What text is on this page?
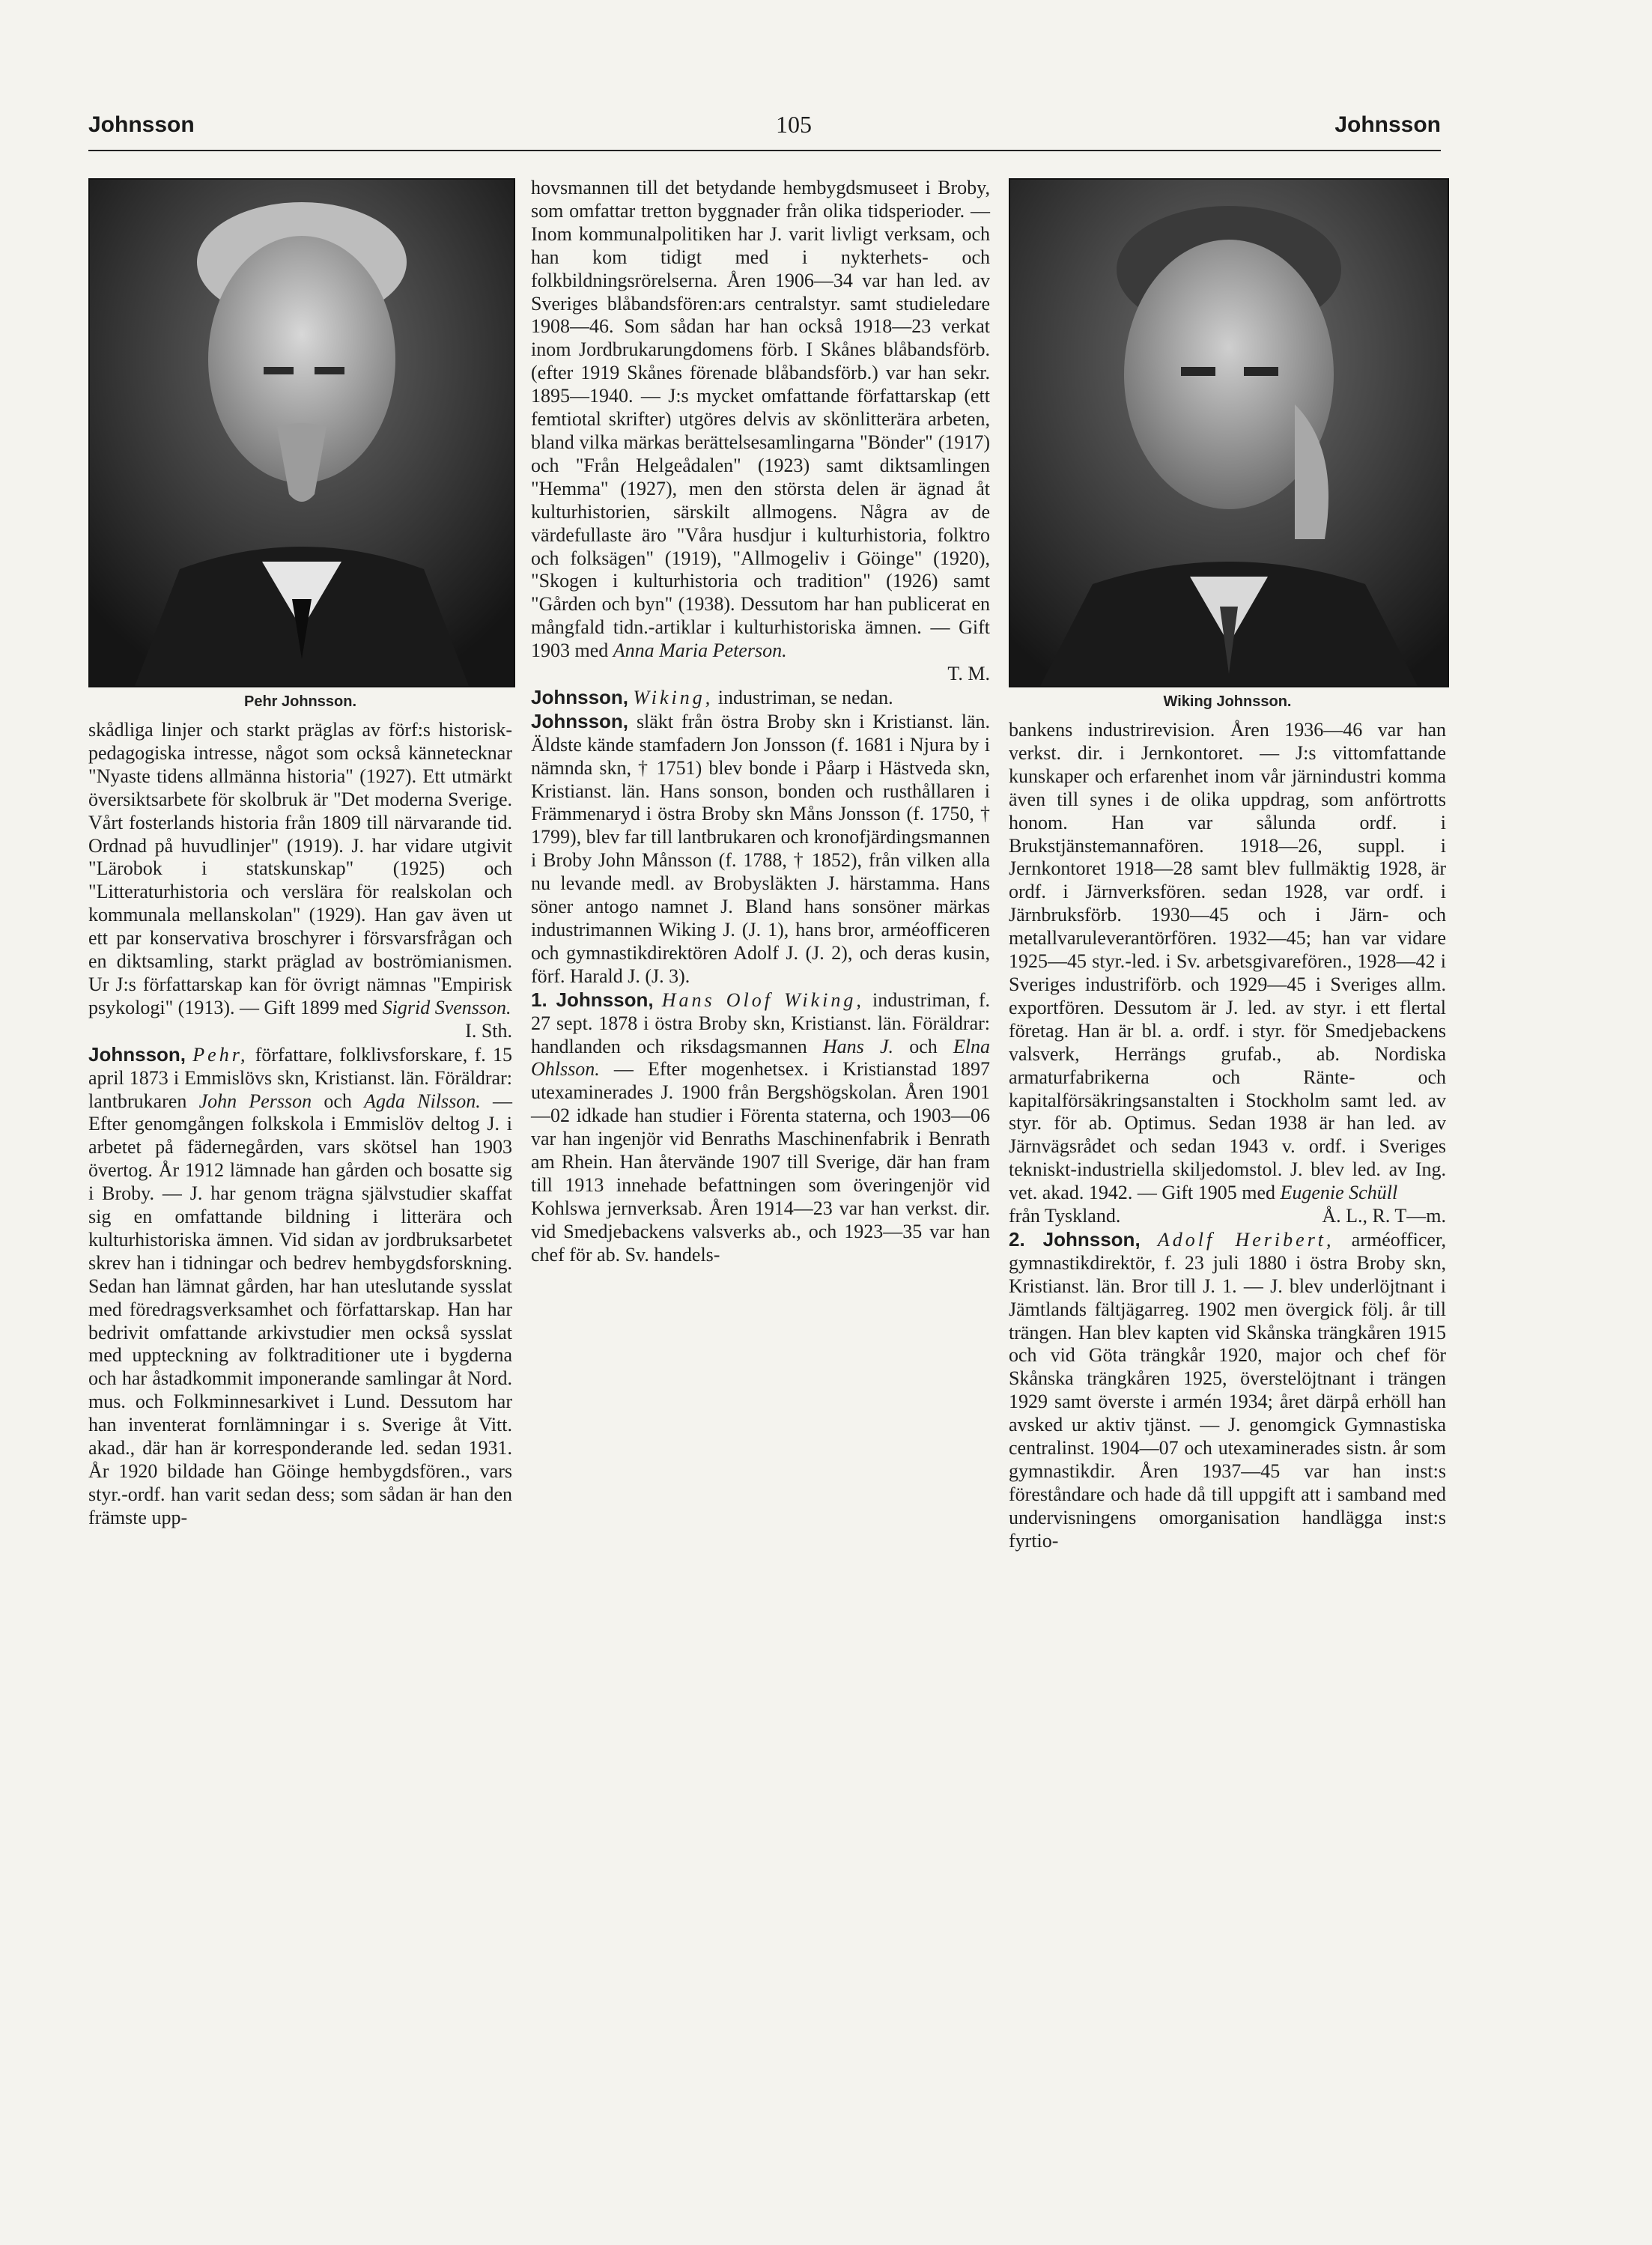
Johnsson	105	Johnsson
Pehr Johnsson.	Wiking Johnsson.

skådliga linjer och starkt präglas av förf:s historisk-pedagogiska intresse, något som också kännetecknar "Nyaste tidens allmänna historia" (1927). Ett utmärkt översiktsarbete för skolbruk är "Det moderna Sverige. Vårt fosterlands historia från 1809 till närvarande tid. Ordnad på huvudlinjer" (1919). J. har vidare utgivit "Lärobok i statskunskap" (1925) och "Litteraturhistoria och verslära för realskolan och kommunala mellanskolan" (1929). Han gav även ut ett par konservativa broschyrer i försvarsfrågan och en diktsamling, starkt präglad av boströmianismen. Ur J:s författarskap kan för övrigt nämnas "Empirisk psykologi" (1913). — Gift 1899 med Sigrid Svensson.

I. Sth.

Johnsson, Pehr, författare, folklivsforskare, f. 15 april 1873 i Emmislövs skn, Kristianst. län. Föräldrar: lantbrukaren John Persson och Agda Nilsson. — Efter genomgången folkskola i Emmislöv deltog J. i arbetet på fädernegården, vars skötsel han 1903 övertog. År 1912 lämnade han gården och bosatte sig i Broby. — J. har genom trägna självstudier skaffat sig en omfattande bildning i litterära och kulturhistoriska ämnen. Vid sidan av jordbruksarbetet skrev han i tidningar och bedrev hembygdsforskning. Sedan han lämnat gården, har han uteslutande sysslat med föredragsverksamhet och författarskap. Han har bedrivit omfattande arkivstudier men också sysslat med uppteckning av folktraditioner ute i bygderna och har åstadkommit imponerande samlingar åt Nord. mus. och Folkminnesarkivet i Lund. Dessutom har han inventerat fornlämningar i s. Sverige åt Vitt. akad., där han är korresponderande led. sedan 1931. År 1920 bildade han Göinge hembygdsfören., vars styr.-ordf. han varit sedan dess; som sådan är han den främste upp-

hovsmannen till det betydande hembygdsmuseet i Broby, som omfattar tretton byggnader från olika tidsperioder. — Inom kommunalpolitiken har J. varit livligt verksam, och han kom tidigt med i nykterhets- och folkbildningsrörelserna. Åren 1906—34 var han led. av Sveriges blåbandsfören:ars centralstyr. samt studieledare 1908—46. Som sådan har han också 1918—23 verkat inom Jordbrukarungdomens förb. I Skånes blåbandsförb. (efter 1919 Skånes förenade blåbandsförb.) var han sekr. 1895—1940. — J:s mycket omfattande författarskap (ett femtiotal skrifter) utgöres delvis av skönlitterära arbeten, bland vilka märkas berättelsesamlingarna "Bönder" (1917) och "Från Helgeådalen" (1923) samt diktsamlingen "Hemma" (1927), men den största delen är ägnad åt kulturhistorien, särskilt allmogens. Några av de värdefullaste äro "Våra husdjur i kulturhistoria, folktro och folksägen" (1919), "Allmogeliv i Göinge" (1920), "Skogen i kulturhistoria och tradition" (1926) samt "Gården och byn" (1938). Dessutom har han publicerat en mångfald tidn.-artiklar i kulturhistoriska ämnen. — Gift 1903 med Anna Maria Peterson.

T. M.

Johnsson, Wiking, industriman, se nedan.

Johnsson, släkt från östra Broby skn i Kristianst. län. Äldste kände stamfadern Jon Jonsson (f. 1681 i Njura by i nämnda skn, † 1751) blev bonde i Påarp i Hästveda skn, Kristianst. län. Hans sonson, bonden och rusthållaren i Främmenaryd i östra Broby skn Måns Jonsson (f. 1750, † 1799), blev far till lantbrukaren och kronofjärdingsmannen i Broby John Månsson (f. 1788, † 1852), från vilken alla nu levande medl. av Brobysläkten J. härstamma. Hans söner antogo namnet J. Bland hans sonsöner märkas industrimannen Wiking J. (J. 1), hans bror, arméofficeren och gymnastikdirektören Adolf J. (J. 2), och deras kusin, förf. Harald J. (J. 3).

1. Johnsson, Hans Olof Wiking, industriman, f. 27 sept. 1878 i östra Broby skn, Kristianst. län. Föräldrar: handlanden och riksdagsmannen Hans J. och Elna Ohlsson. — Efter mogenhetsex. i Kristianstad 1897 utexaminerades J. 1900 från Bergshögskolan. Åren 1901—02 idkade han studier i Förenta staterna, och 1903—06 var han ingenjör vid Benraths Maschinenfabrik i Benrath am Rhein. Han återvände 1907 till Sverige, där han fram till 1913 innehade befattningen som överingenjör vid Kohlswa jernverksab. Åren 1914—23 var han verkst. dir. vid Smedjebackens valsverks ab., och 1923—35 var han chef för ab. Sv. handels-

bankens industrirevision. Åren 1936—46 var han verkst. dir. i Jernkontoret. — J:s vittomfattande kunskaper och erfarenhet inom vår järnindustri komma även till synes i de olika uppdrag, som anförtrotts honom. Han var sålunda ordf. i Brukstjänstemannafören. 1918—26, suppl. i Jernkontoret 1918—28 samt blev fullmäktig 1928, är ordf. i Järnverksfören. sedan 1928, var ordf. i Järnbruksförb. 1930—45 och i Järn- och metallvaruleverantörfören. 1932—45; han var vidare 1925—45 styr.-led. i Sv. arbetsgivarefören., 1928—42 i Sveriges industriförb. och 1929—45 i Sveriges allm. exportfören. Dessutom är J. led. av styr. i ett flertal företag. Han är bl. a. ordf. i styr. för Smedjebackens valsverk, Herrängs grufab., ab. Nordiska armaturfabrikerna och Ränte- och kapitalförsäkringsanstalten i Stockholm samt led. av styr. för ab. Optimus. Sedan 1938 är han led. av Järnvägsrådet och sedan 1943 v. ordf. i Sveriges tekniskt-industriella skiljedomstol. J. blev led. av Ing. vet. akad. 1942. — Gift 1905 med Eugenie Schüll

från Tyskland.	Å. L., R. T—m.

2. Johnsson, Adolf Heribert, arméofficer, gymnastikdirektör, f. 23 juli 1880 i östra Broby skn, Kristianst. län. Bror till J. 1. — J. blev underlöjtnant i Jämtlands fältjägarreg. 1902 men övergick följ. år till trängen. Han blev kapten vid Skånska trängkåren 1915 och vid Göta trängkår 1920, major och chef för Skånska trängkåren 1925, överstelöjtnant i trängen 1929 samt överste i armén 1934; året därpå erhöll han avsked ur aktiv tjänst. — J. genomgick Gymnastiska centralinst. 1904—07 och utexaminerades sistn. år som gymnastikdir. Åren 1937—45 var han inst:s föreståndare och hade då till uppgift att i samband med undervisningens omorganisation handlägga inst:s fyrtio-
